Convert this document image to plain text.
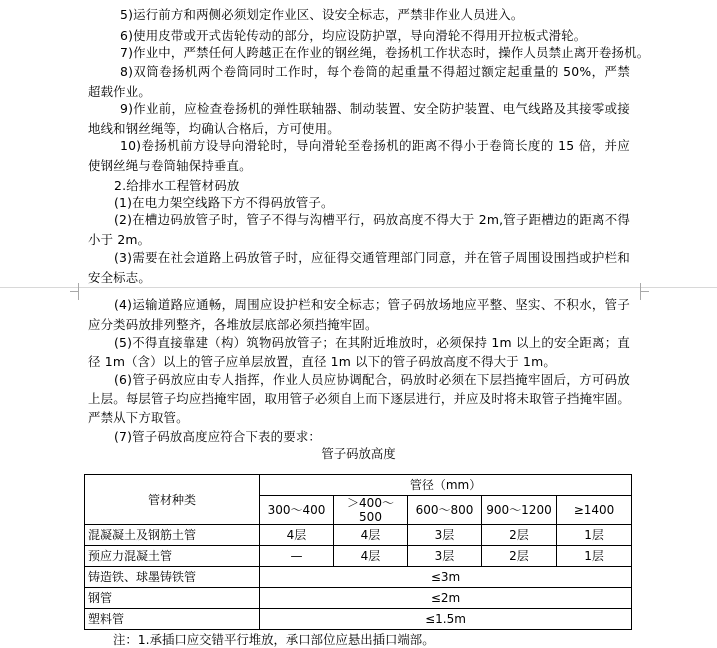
5)运行前方和两侧必须划定作业区、设安全标志，严禁非作业人员进入。
6)使用皮带或开式齿轮传动的部分，均应设防护罩，导向滑轮不得用开拉板式滑轮。
7)作业中，严禁任何人跨越正在作业的钢丝绳，卷扬机工作状态时，操作人员禁止离开卷扬机。
8)双筒卷扬机两个卷筒同时工作时，每个卷筒的起重量不得超过额定起重量的 50%，严禁超载作业。
9)作业前，应检查卷扬机的弹性联轴器、制动装置、安全防护装置、电气线路及其接零或接地线和钢丝绳等，均确认合格后，方可使用。
10)卷扬机前方设导向滑轮时，导向滑轮至卷扬机的距离不得小于卷筒长度的 15 倍，并应使钢丝绳与卷筒轴保持垂直。
2.给排水工程管材码放
(1)在电力架空线路下方不得码放管子。
(2)在槽边码放管子时，管子不得与沟槽平行，码放高度不得大于 2m,管子距槽边的距离不得小于 2m。
(3)需要在社会道路上码放管子时，应征得交通管理部门同意，并在管子周围设围挡或护栏和安全标志。
(4)运输道路应通畅，周围应设护栏和安全标志；管子码放场地应平整、坚实、不积水，管子应分类码放排列整齐，各堆放层底部必须挡掩牢固。
(5)不得直接靠建（构）筑物码放管子；在其附近堆放时，必须保持 1m 以上的安全距离；直径 1m（含）以上的管子应单层放置，直径 1m 以下的管子码放高度不得大于 1m。
(6)管子码放应由专人指挥，作业人员应协调配合，码放时必须在下层挡掩牢固后，方可码放上层。每层管子均应挡掩牢固，取用管子必须自上而下逐层进行，并应及时将未取管子挡掩牢固。严禁从下方取管。
(7)管子码放高度应符合下表的要求：
管子码放高度
管材种类	管径（mm）				
	300～400	＞400～500	600～800	900～1200	≥1400
混凝凝土及钢筋土管	4层	4层	3层	2层	1层
预应力混凝土管	—	4层	3层	2层	1层
铸造铁、球墨铸铁管	≤3m				
钢管	≤2m				
塑料管	≤1.5m				
注：1.承插口应交错平行堆放，承口部位应悬出插口端部。
